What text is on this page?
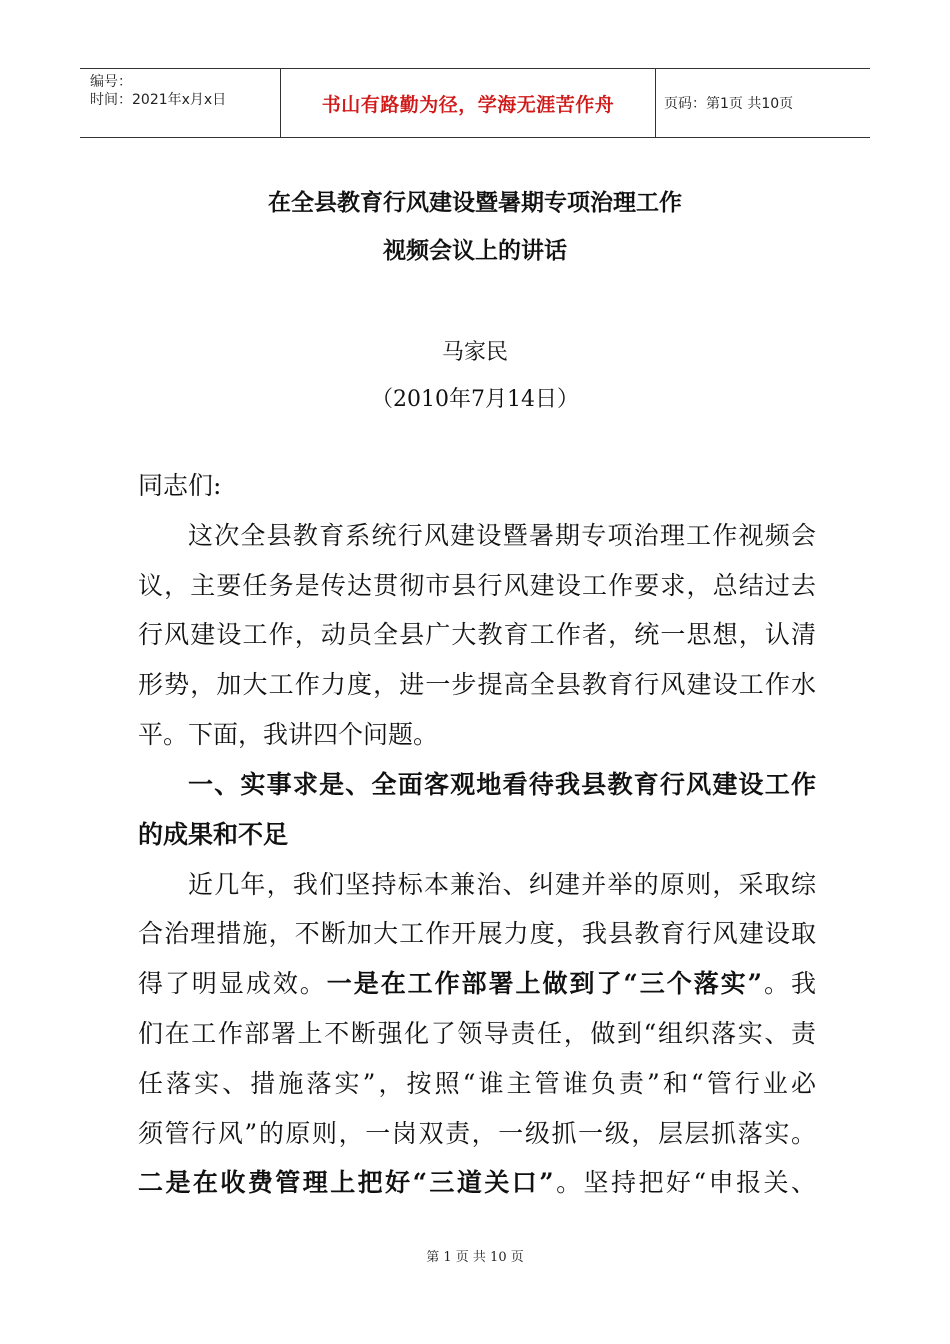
编号：
时间：2021年x月x日	书山有路勤为径，学海无涯苦作舟	页码：第1页 共10页
在全县教育行风建设暨暑期专项治理工作
视频会议上的讲话
马家民
（2010年7月14日）
同志们:
这次全县教育系统行风建设暨暑期专项治理工作视频会
议，主要任务是传达贯彻市县行风建设工作要求，总结过去
行风建设工作，动员全县广大教育工作者，统一思想，认清
形势，加大工作力度，进一步提高全县教育行风建设工作水
平。下面，我讲四个问题。
一、实事求是、全面客观地看待我县教育行风建设工作
的成果和不足
近几年，我们坚持标本兼治、纠建并举的原则，采取综
合治理措施，不断加大工作开展力度，我县教育行风建设取
得了明显成效。一是在工作部署上做到了“三个落实”。我
们在工作部署上不断强化了领导责任，做到“组织落实、责
任落实、措施落实”，按照“谁主管谁负责”和“管行业必
须管行风”的原则，一岗双责，一级抓一级，层层抓落实。
二是在收费管理上把好“三道关口”。坚持把好“申报关、
第 1 页 共 10 页
